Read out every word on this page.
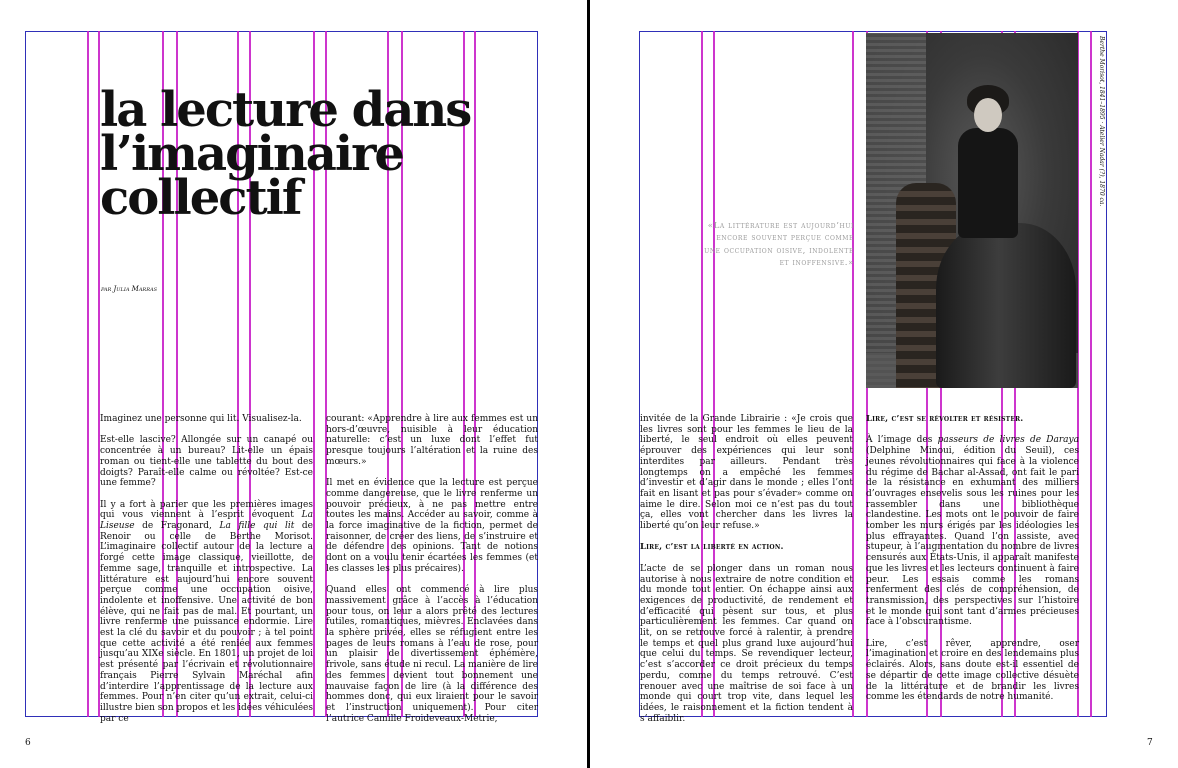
la lecture dans
l’imaginaire
collectif
par Julia Marras

Imaginez une personne qui lit. Visualisez-la.

Est-elle lascive? Allongée sur un canapé ou concentrée à un bureau? Lit-elle un épais roman ou tient-elle une tablette du bout des doigts? Paraît-elle calme ou révoltée? Est-ce une femme?

Il y a fort à parier que les premières images qui vous viennent à l’esprit évoquent La Liseuse de Fragonard, La fille qui lit de Renoir ou celle de Berthe Morisot. L’imaginaire collectif autour de la lecture a forgé cette image classique, vieillotte, de femme sage, tranquille et introspective. La littérature est aujourd’hui encore souvent perçue comme une occupation oisive, indolente et inoffensive. Une activité de bon élève, qui ne fait pas de mal. Et pourtant, un livre renferme une puissance endormie. Lire est la clé du savoir et du pouvoir ; à tel point que cette activité a été reniée aux femmes jusqu’au XIXe siècle. En 1801, un projet de loi est présenté par l’écrivain et révolutionnaire français Pierre Sylvain Maréchal afin d’interdire l’apprentissage de la lecture aux femmes. Pour n’en citer qu’un extrait, celui-ci illustre bien son propos et les idées véhiculées par ce

courant: «Apprendre à lire aux femmes est un hors-d’œuvre, nuisible à leur éducation naturelle: c’est un luxe dont l’effet fut presque toujours l’altération et la ruine des mœurs.»

Il met en évidence que la lecture est perçue comme dangereuse, que le livre renferme un pouvoir précieux, à ne pas mettre entre toutes les mains. Accéder au savoir, comme à la force imaginative de la fiction, permet de raisonner, de créer des liens, de s’instruire et de défendre des opinions. Tant de notions dont on a voulu tenir écartées les femmes (et les classes les plus précaires).

Quand elles ont commencé à lire plus massivement grâce à l’accès à l’éducation pour tous, on leur a alors prêté des lectures futiles, romantiques, mièvres. Enclavées dans la sphère privée, elles se réfugient entre les pages de leurs romans à l’eau de rose, pour un plaisir de divertissement éphémère, frivole, sans étude ni recul. La manière de lire des femmes devient tout bonnement une mauvaise façon de lire (à la différence des hommes donc, qui eux liraient pour le savoir et l’instruction uniquement). Pour citer l’autrice Camille Froideveaux-Metrie,

6
«La littérature est aujourd’hui encore souvent perçue comme une occupation oisive, indolente et inoffensive.»
Berthe Morisot, 1841–1895 · Atelier Nadar (?), 1870 ca.

invitée de la Grande Librairie : «Je crois que les livres sont pour les femmes le lieu de la liberté, le seul endroit où elles peuvent éprouver des expériences qui leur sont interdites par ailleurs. Pendant très longtemps on a empêché les femmes d’investir et d’agir dans le monde ; elles l’ont fait en lisant et pas pour s’évader» comme on aime le dire. Selon moi ce n’est pas du tout ça, elles vont chercher dans les livres la liberté qu’on leur refuse.»

Lire, c’est la liberté en action.

L’acte de se plonger dans un roman nous autorise à nous extraire de notre condition et du monde tout entier. On échappe ainsi aux exigences de productivité, de rendement et d’efficacité qui pèsent sur tous, et plus particulièrement les femmes. Car quand on lit, on se retrouve forcé à ralentir, à prendre le temps et quel plus grand luxe aujourd’hui que celui du temps. Se revendiquer lecteur, c’est s’accorder ce droit précieux du temps perdu, comme du temps retrouvé. C’est renouer avec une maîtrise de soi face à un monde qui court trop vite, dans lequel les idées, le raisonnement et la fiction tendent à s’affaiblir.

Lire, c’est se révolter et résister.

À l’image des passeurs de livres de Daraya (Delphine Minoui, édition du Seuil), ces jeunes révolutionnaires qui face à la violence du régime de Bachar al-Assad, ont fait le pari de la résistance en exhumant des milliers d’ouvrages ensevelis sous les ruines pour les rassembler dans une bibliothèque clandestine. Les mots ont le pouvoir de faire tomber les murs érigés par les idéologies les plus effrayantes. Quand l’on assiste, avec stupeur, à l’augmentation du nombre de livres censurés aux États-Unis, il apparaît manifeste que les livres et les lecteurs continuent à faire peur. Les essais comme les romans renferment des clés de compréhension, de transmission, des perspectives sur l’histoire et le monde qui sont tant d’armes précieuses face à l’obscurantisme.

Lire, c’est rêver, apprendre, oser l’imagination et croire en des lendemains plus éclairés. Alors, sans doute est-il essentiel de se départir de cette image collective désuète de la littérature et de brandir les livres comme les étendards de notre humanité.

7
